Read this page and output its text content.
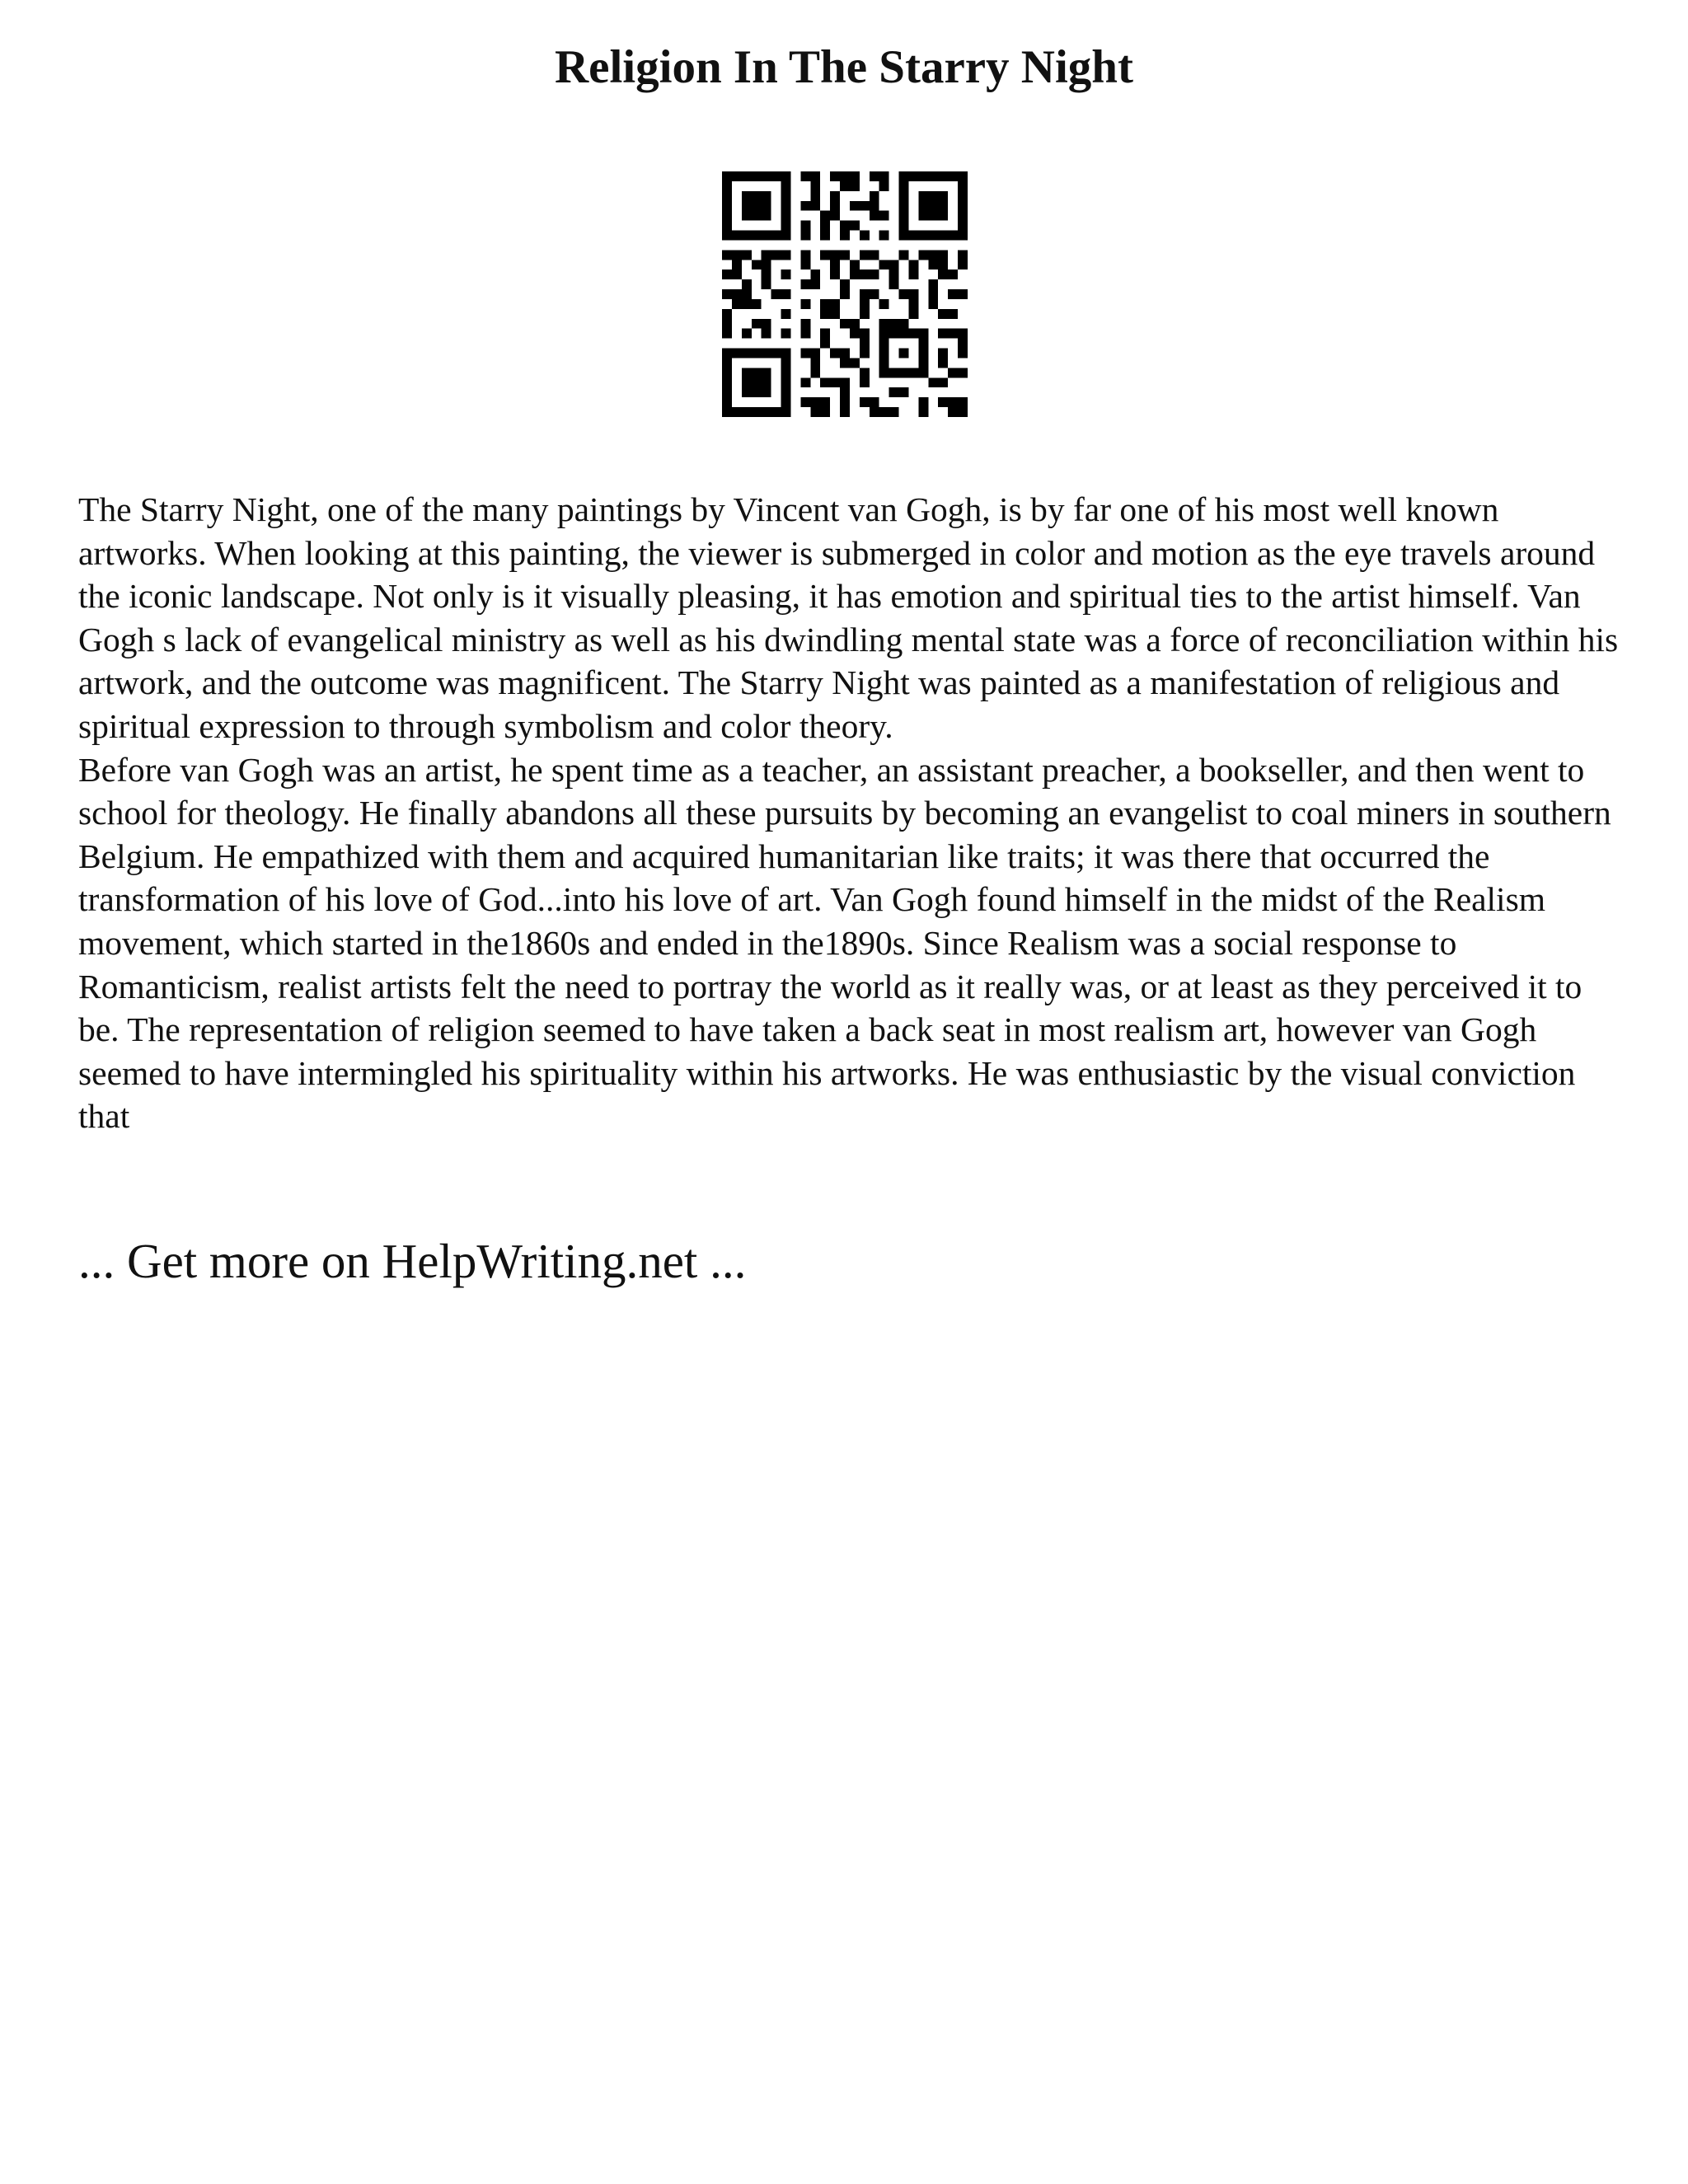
Religion In The Starry Night

The Starry Night, one of the many paintings by Vincent van Gogh, is by far one of his most well known artworks. When looking at this painting, the viewer is submerged in color and motion as the eye travels around the iconic landscape. Not only is it visually pleasing, it has emotion and spiritual ties to the artist himself. Van Gogh s lack of evangelical ministry as well as his dwindling mental state was a force of reconciliation within his artwork, and the outcome was magnificent. The Starry Night was painted as a manifestation of religious and spiritual expression to through symbolism and color theory.

Before van Gogh was an artist, he spent time as a teacher, an assistant preacher, a bookseller, and then went to school for theology. He finally abandons all these pursuits by becoming an evangelist to coal miners in southern Belgium. He empathized with them and acquired humanitarian like traits; it was there that occurred the transformation of his love of God...into his love of art. Van Gogh found himself in the midst of the Realism movement, which started in the1860s and ended in the1890s. Since Realism was a social response to Romanticism, realist artists felt the need to portray the world as it really was, or at least as they perceived it to be. The representation of religion seemed to have taken a back seat in most realism art, however van Gogh seemed to have intermingled his spirituality within his artworks. He was enthusiastic by the visual conviction that

... Get more on HelpWriting.net ...
